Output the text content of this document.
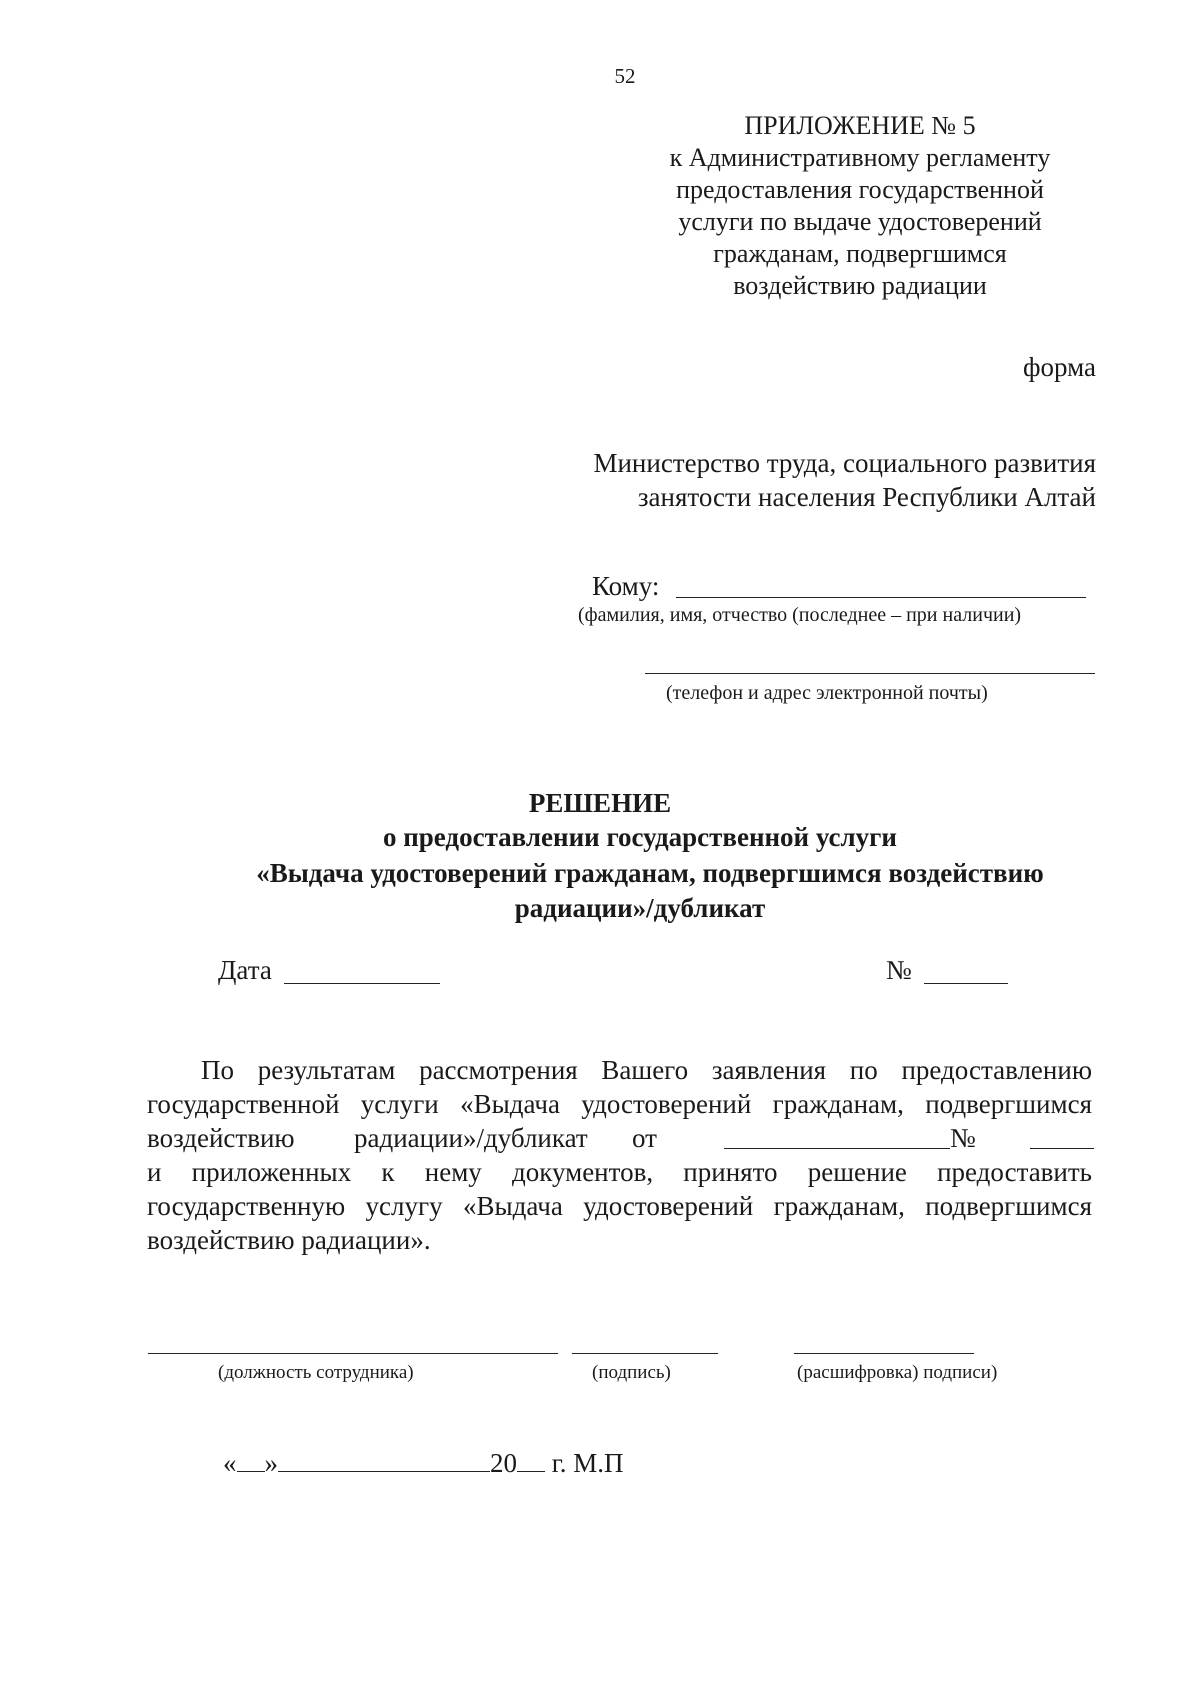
52
ПРИЛОЖЕНИЕ № 5
к Административному регламенту
предоставления государственной
услуги по выдаче удостоверений
гражданам, подвергшимся
воздействию радиации
форма
Министерство труда, социального развития
занятости населения Республики Алтай
Кому:
(фамилия, имя, отчество (последнее – при наличии)
(телефон и адрес электронной почты)
РЕШЕНИЕ
о предоставлении государственной услуги
«Выдача удостоверений гражданам, подвергшимся воздействию
радиации»/дубликат
Дата	№
По результатам рассмотрения Вашего заявления по предоставлению
государственной услуги «Выдача удостоверений гражданам, подвергшимся
воздействию	радиации»/дубликат	от	№
и приложенных к нему документов, принято решение предоставить
государственную услугу «Выдача удостоверений гражданам, подвергшимся
воздействию радиации».
(должность сотрудника)	(подпись)	(расшифровка) подписи)
« »	20 г. М.П
